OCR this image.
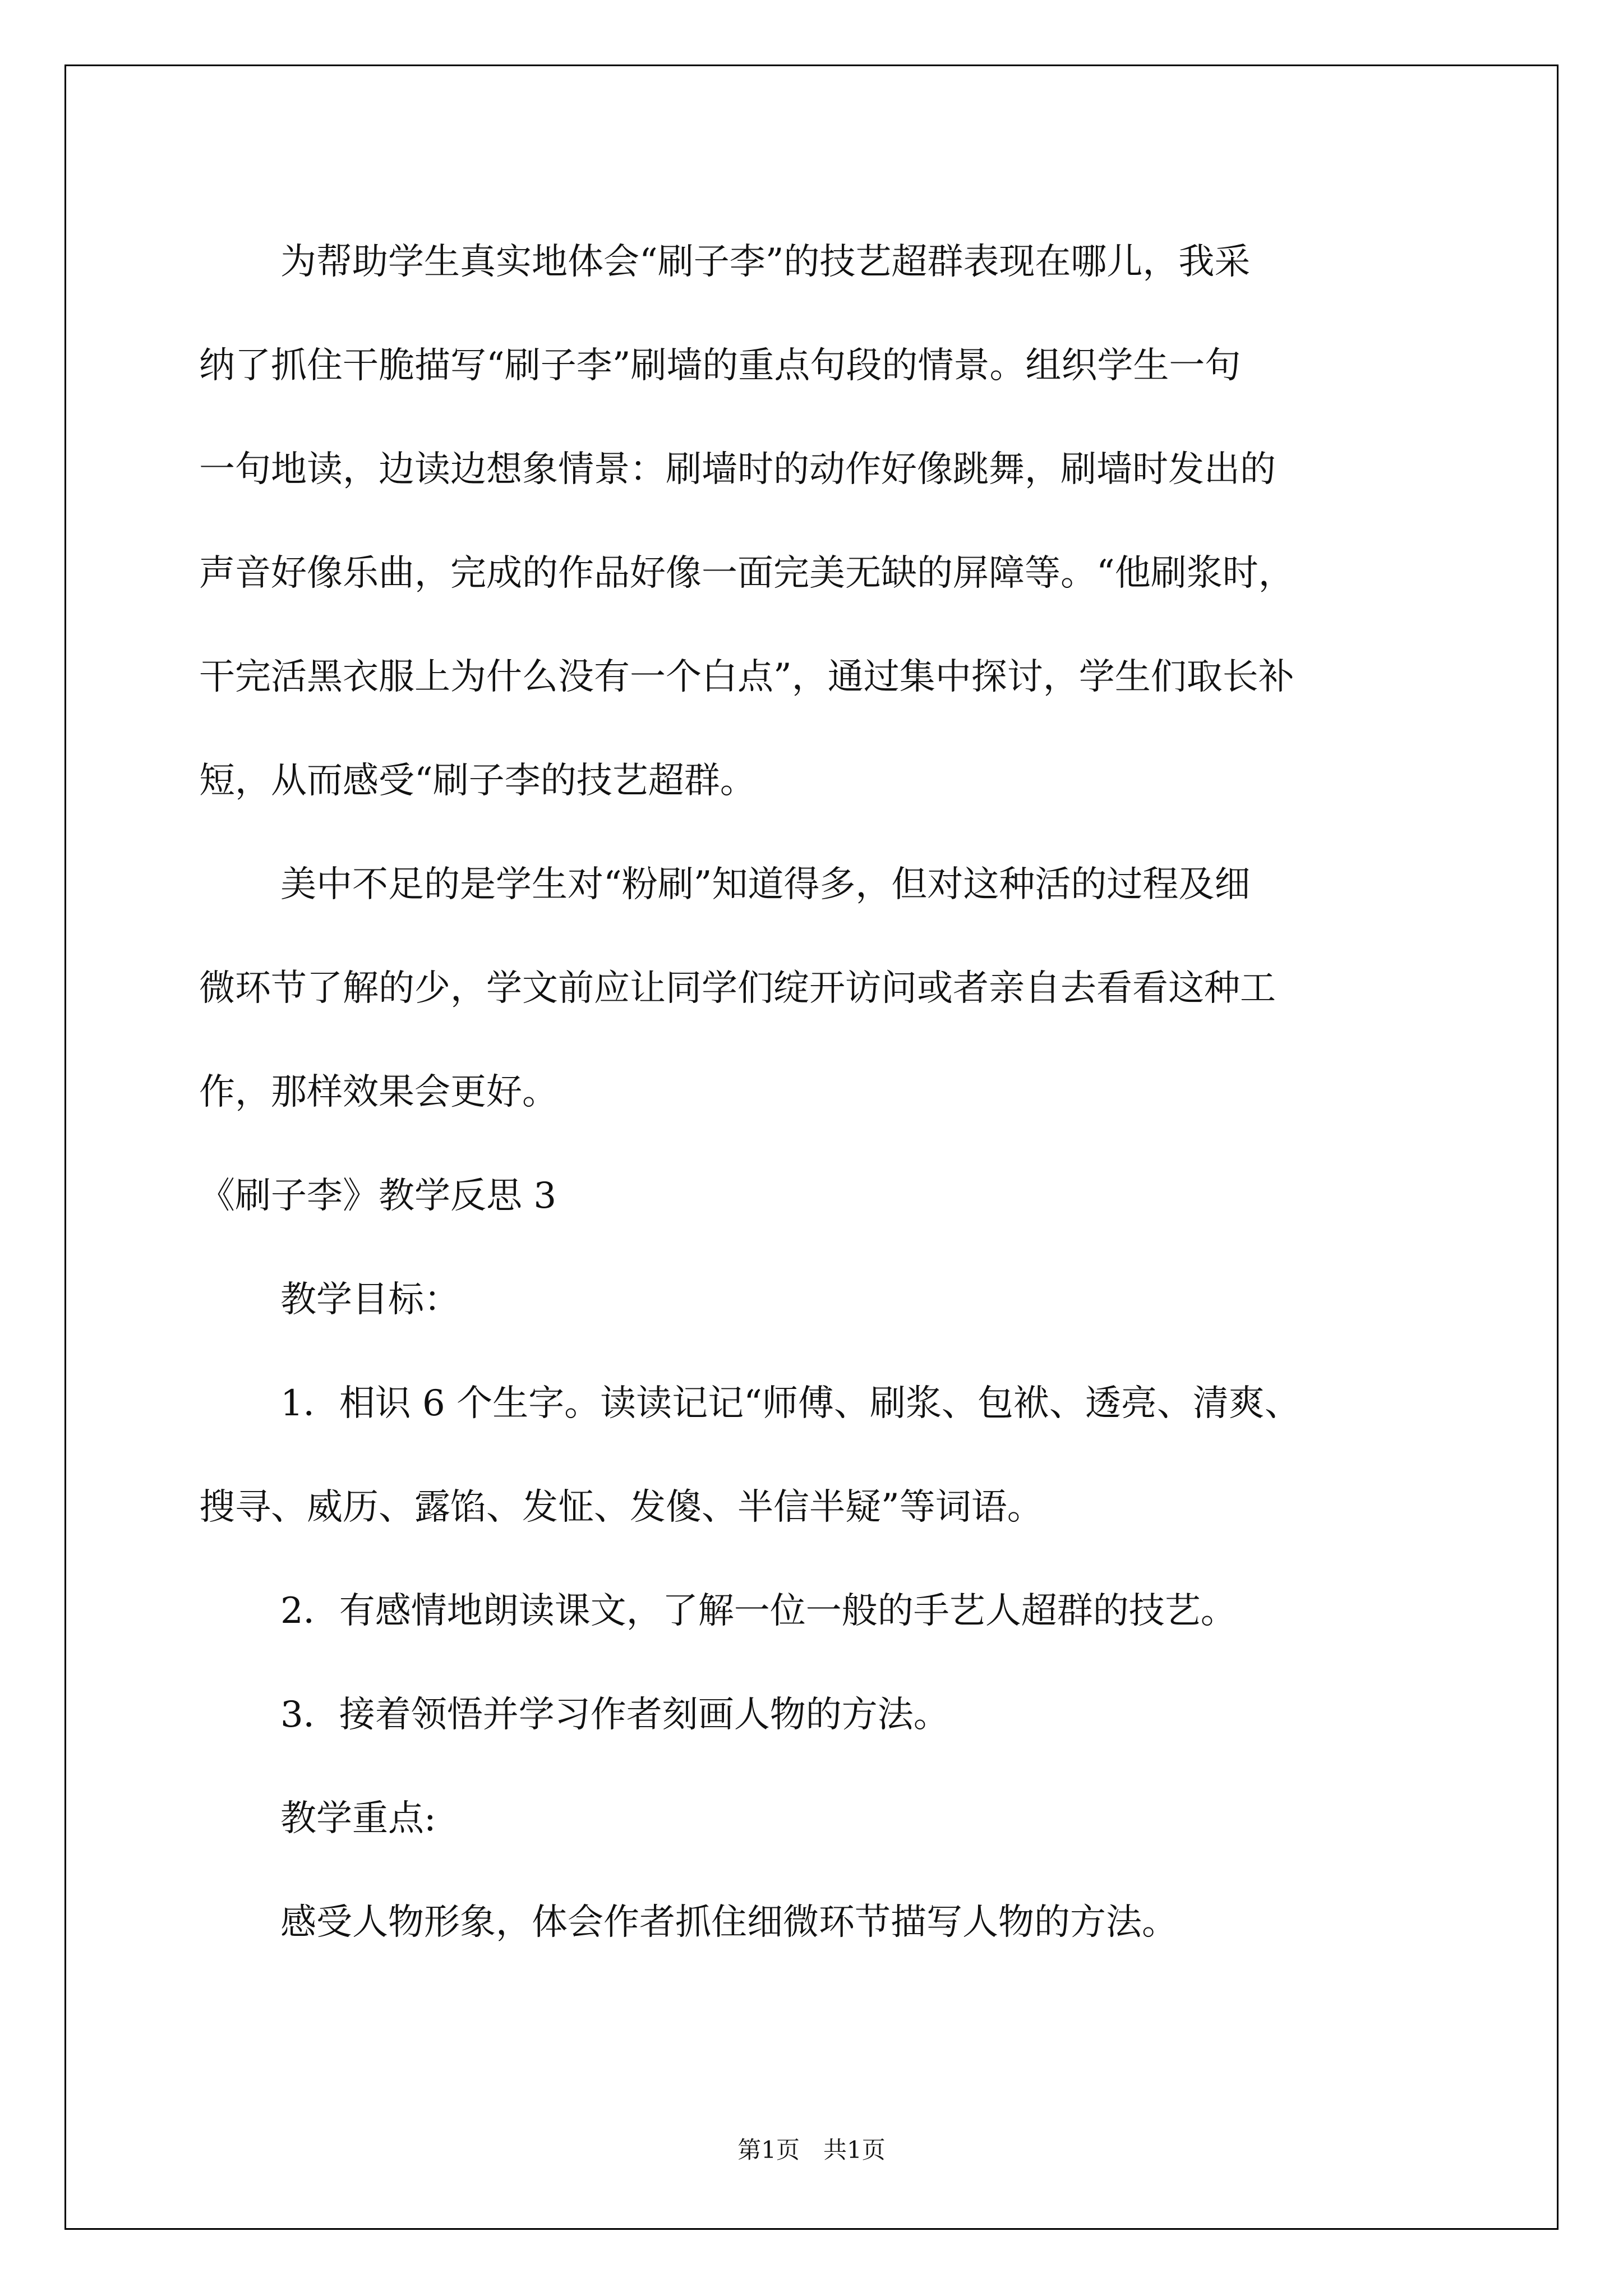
为帮助学生真实地体会“刷子李”的技艺超群表现在哪儿，我采
纳了抓住干脆描写“刷子李”刷墙的重点句段的情景。组织学生一句
一句地读，边读边想象情景：刷墙时的动作好像跳舞，刷墙时发出的
声音好像乐曲，完成的作品好像一面完美无缺的屏障等。“他刷浆时，
干完活黑衣服上为什么没有一个白点”，通过集中探讨，学生们取长补
短，从而感受“刷子李的技艺超群。
美中不足的是学生对“粉刷”知道得多，但对这种活的过程及细
微环节了解的少，学文前应让同学们绽开访问或者亲自去看看这种工
作，那样效果会更好。
《刷子李》教学反思 3
教学目标：
1．相识 6 个生字。读读记记“师傅、刷浆、包袱、透亮、清爽、
搜寻、威历、露馅、发怔、发傻、半信半疑”等词语。
2．有感情地朗读课文，了解一位一般的手艺人超群的技艺。
3．接着领悟并学习作者刻画人物的方法。
教学重点:
感受人物形象，体会作者抓住细微环节描写人物的方法。
第1页　共1页
